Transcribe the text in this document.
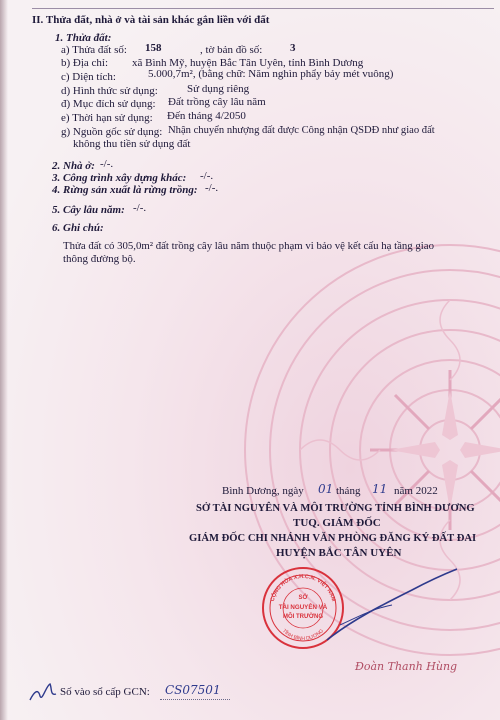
II. Thửa đất, nhà ở và tài sản khác gắn liền với đất
1. Thửa đất:
a) Thửa đất số: 158	, tờ bản đồ số:	3
b) Địa chỉ: xã Bình Mỹ, huyện Bắc Tân Uyên, tỉnh Bình Dương
c) Diện tích:	5.000,7m², (bằng chữ: Năm nghìn phẩy bảy mét vuông)
d) Hình thức sử dụng:	Sử dụng riêng
đ) Mục đích sử dụng: Đất trồng cây lâu năm
e) Thời hạn sử dụng: Đến tháng 4/2050
g) Nguồn gốc sử dụng: Nhận chuyển nhượng đất được Công nhận QSDĐ như giao đất
không thu tiền sử dụng đất
2. Nhà ở: -/-.
3. Công trình xây dựng khác: -/-.
4. Rừng sản xuất là rừng trồng: -/-.
5. Cây lâu năm: -/-.
6. Ghi chú:
Thửa đất có 305,0m² đất trồng cây lâu năm thuộc phạm vi bảo vệ kết cấu hạ tầng giao
thông đường bộ.
Bình Dương, ngày 01 tháng 11 năm 2022
SỞ TÀI NGUYÊN VÀ MÔI TRƯỜNG TỈNH BÌNH DƯƠNG
TUQ. GIÁM ĐỐC
GIÁM ĐỐC CHI NHÁNH VĂN PHÒNG ĐĂNG KÝ ĐẤT ĐAI
HUYỆN BẮC TÂN UYÊN
CỘNG HÒA X.H.C.N. VIỆT NAM
TỈNH BÌNH DƯƠNG
SỞ
TÀI NGUYÊN VÀ
MÔI TRƯỜNG
Đoàn Thanh Hùng
Số vào sổ cấp GCN: CS07501
